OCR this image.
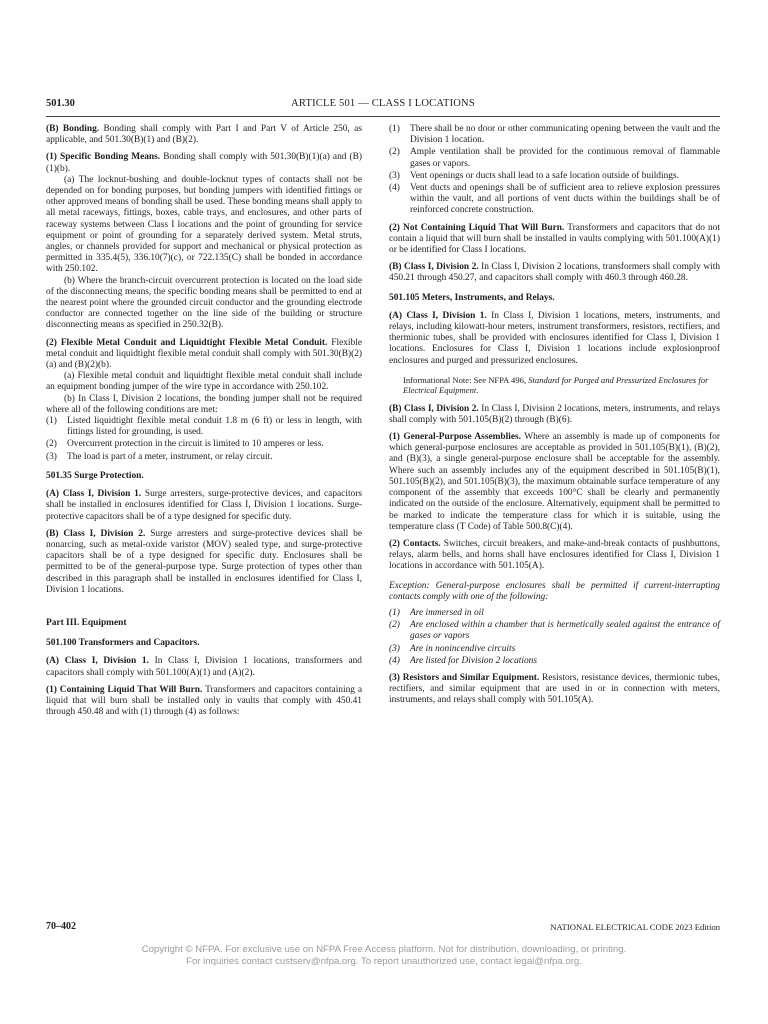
501.30	ARTICLE 501 — CLASS I LOCATIONS

(B) Bonding. Bonding shall comply with Part I and Part V of Article 250, as applicable, and 501.30(B)(1) and (B)(2).

(1) Specific Bonding Means. Bonding shall comply with 501.30(B)(1)(a) and (B)(1)(b).

(a) The locknut-bushing and double-locknut types of contacts shall not be depended on for bonding purposes, but bonding jumpers with identified fittings or other approved means of bonding shall be used. These bonding means shall apply to all metal raceways, fittings, boxes, cable trays, and enclosures, and other parts of raceway systems between Class I locations and the point of grounding for service equipment or point of grounding for a separately derived system. Metal struts, angles, or channels provided for support and mechanical or physical protection as permitted in 335.4(5), 336.10(7)(c), or 722.135(C) shall be bonded in accordance with 250.102.

(b) Where the branch-circuit overcurrent protection is located on the load side of the disconnecting means, the specific bonding means shall be permitted to end at the nearest point where the grounded circuit conductor and the grounding electrode conductor are connected together on the line side of the building or structure disconnecting means as specified in 250.32(B).

(2) Flexible Metal Conduit and Liquidtight Flexible Metal Conduit. Flexible metal conduit and liquidtight flexible metal conduit shall comply with 501.30(B)(2)(a) and (B)(2)(b).

(a) Flexible metal conduit and liquidtight flexible metal conduit shall include an equipment bonding jumper of the wire type in accordance with 250.102.

(b) In Class I, Division 2 locations, the bonding jumper shall not be required where all of the following conditions are met:

(1)	Listed liquidtight flexible metal conduit 1.8 m (6 ft) or less in length, with fittings listed for grounding, is used.
(2)	Overcurrent protection in the circuit is limited to 10 amperes or less.
(3)	The load is part of a meter, instrument, or relay circuit.
501.35 Surge Protection.

(A) Class I, Division 1. Surge arresters, surge-protective devices, and capacitors shall be installed in enclosures identified for Class I, Division 1 locations. Surge-protective capacitors shall be of a type designed for specific duty.

(B) Class I, Division 2. Surge arresters and surge-protective devices shall be nonarcing, such as metal-oxide varistor (MOV) sealed type, and surge-protective capacitors shall be of a type designed for specific duty. Enclosures shall be permitted to be of the general-purpose type. Surge protection of types other than described in this paragraph shall be installed in enclosures identified for Class I, Division 1 locations.

Part III. Equipment
501.100 Transformers and Capacitors.

(A) Class I, Division 1. In Class I, Division 1 locations, transformers and capacitors shall comply with 501.100(A)(1) and (A)(2).

(1) Containing Liquid That Will Burn. Transformers and capacitors containing a liquid that will burn shall be installed only in vaults that comply with 450.41 through 450.48 and with (1) through (4) as follows:

(1)	There shall be no door or other communicating opening between the vault and the Division 1 location.
(2)	Ample ventilation shall be provided for the continuous removal of flammable gases or vapors.
(3)	Vent openings or ducts shall lead to a safe location outside of buildings.
(4)	Vent ducts and openings shall be of sufficient area to relieve explosion pressures within the vault, and all portions of vent ducts within the buildings shall be of reinforced concrete construction.

(2) Not Containing Liquid That Will Burn. Transformers and capacitors that do not contain a liquid that will burn shall be installed in vaults complying with 501.100(A)(1) or be identified for Class I locations.

(B) Class I, Division 2. In Class I, Division 2 locations, transformers shall comply with 450.21 through 450.27, and capacitors shall comply with 460.3 through 460.28.

501.105 Meters, Instruments, and Relays.

(A) Class I, Division 1. In Class I, Division 1 locations, meters, instruments, and relays, including kilowatt-hour meters, instrument transformers, resistors, rectifiers, and thermionic tubes, shall be provided with enclosures identified for Class I, Division 1 locations. Enclosures for Class I, Division 1 locations include explosionproof enclosures and purged and pressurized enclosures.

Informational Note: See NFPA 496, Standard for Purged and Pressurized Enclosures for Electrical Equipment.

(B) Class I, Division 2. In Class I, Division 2 locations, meters, instruments, and relays shall comply with 501.105(B)(2) through (B)(6).

(1) General-Purpose Assemblies. Where an assembly is made up of components for which general-purpose enclosures are acceptable as provided in 501.105(B)(1), (B)(2), and (B)(3), a single general-purpose enclosure shall be acceptable for the assembly. Where such an assembly includes any of the equipment described in 501.105(B)(1), 501.105(B)(2), and 501.105(B)(3), the maximum obtainable surface temperature of any component of the assembly that exceeds 100°C shall be clearly and permanently indicated on the outside of the enclosure. Alternatively, equipment shall be permitted to be marked to indicate the temperature class for which it is suitable, using the temperature class (T Code) of Table 500.8(C)(4).

(2) Contacts. Switches, circuit breakers, and make-and-break contacts of pushbuttons, relays, alarm bells, and horns shall have enclosures identified for Class I, Division 1 locations in accordance with 501.105(A).

Exception: General-purpose enclosures shall be permitted if current-interrupting contacts comply with one of the following:

(1)	Are immersed in oil
(2)	Are enclosed within a chamber that is hermetically sealed against the entrance of gases or vapors
(3)	Are in nonincendive circuits
(4)	Are listed for Division 2 locations

(3) Resistors and Similar Equipment. Resistors, resistance devices, thermionic tubes, rectifiers, and similar equipment that are used in or in connection with meters, instruments, and relays shall comply with 501.105(A).

70–402	NATIONAL ELECTRICAL CODE 2023 Edition
Copyright © NFPA. For exclusive use on NFPA Free Access platform. Not for distribution, downloading, or printing.
For inquiries contact custserv@nfpa.org. To report unauthorized use, contact legal@nfpa.org.
